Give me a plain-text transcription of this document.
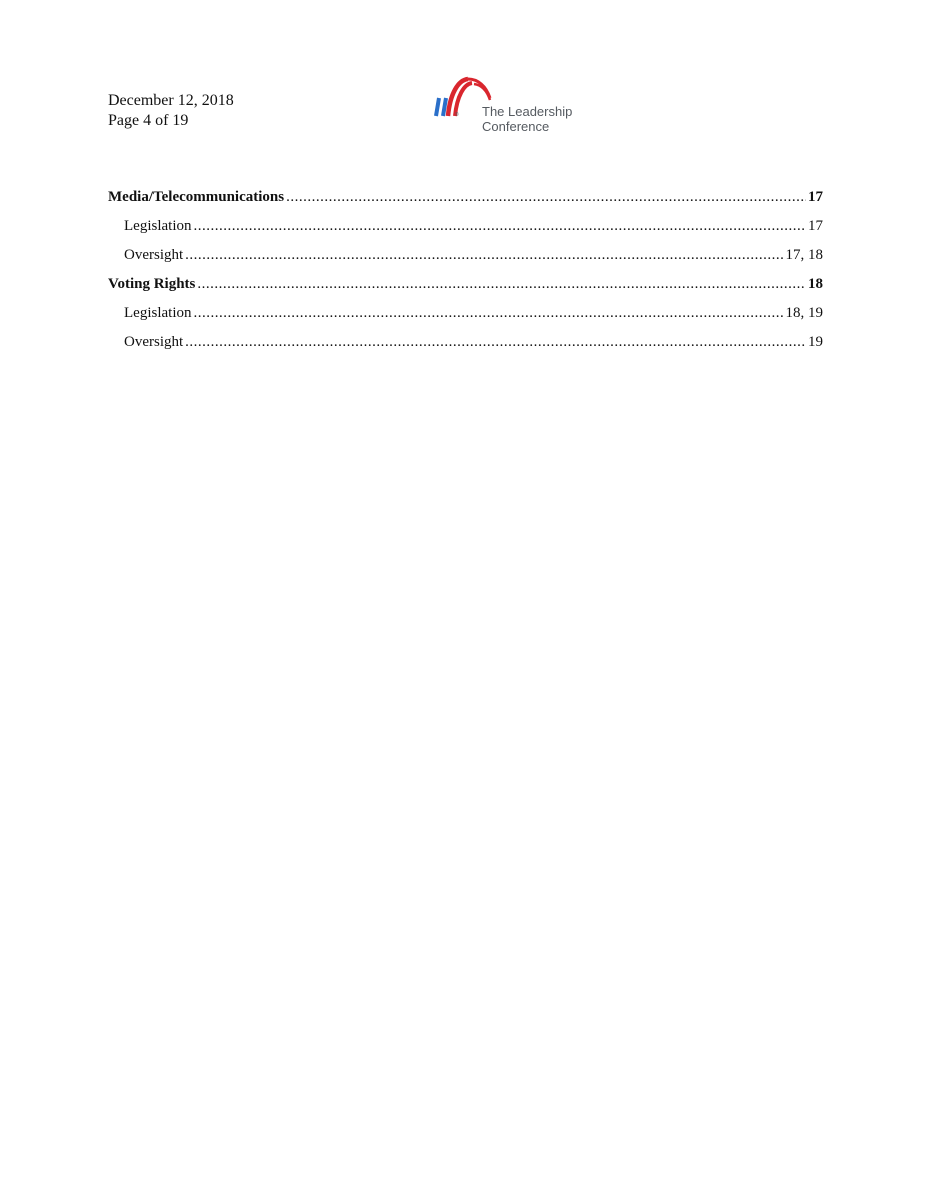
December 12, 2018
Page 4 of 19	® The Leadership
Conference
Media/Telecommunications .....	17
Legislation .....	17
Oversight .....	17, 18
Voting Rights .....	18
Legislation .....	18, 19
Oversight .....	19
